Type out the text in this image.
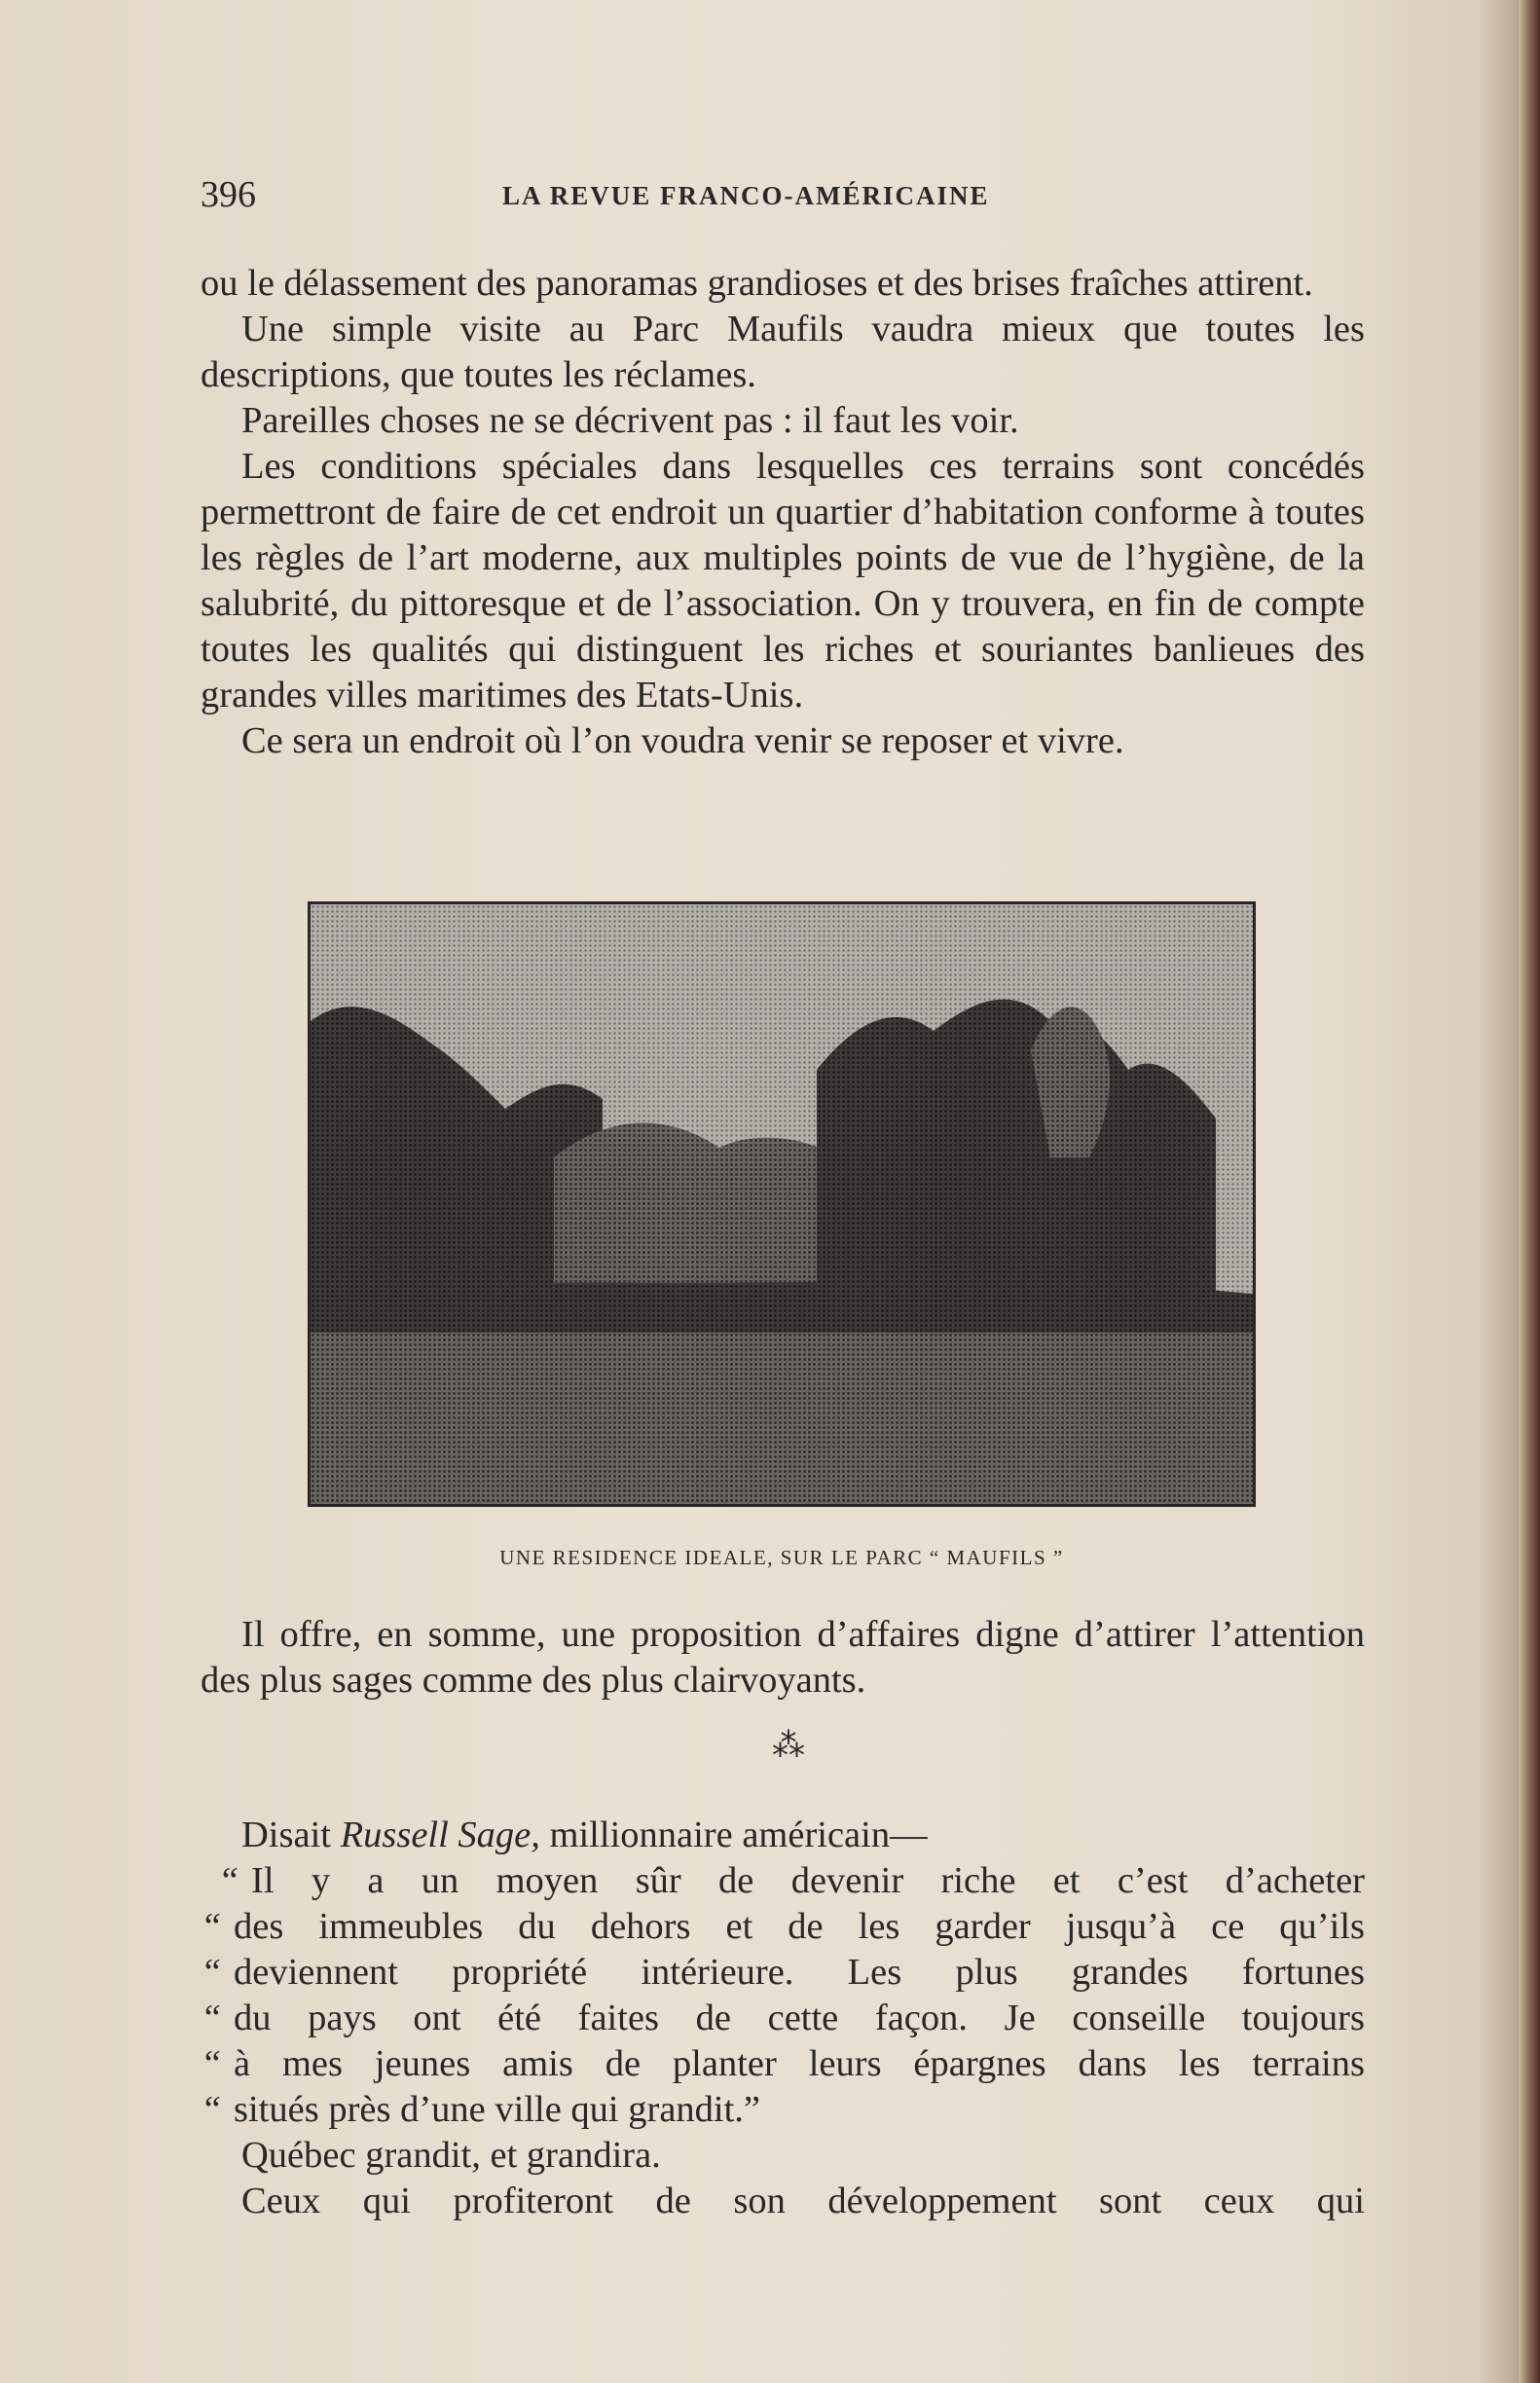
396	LA REVUE FRANCO-AMÉRICAINE

ou le délassement des panoramas grandioses et des brises fraîches attirent.

Une simple visite au Parc Maufils vaudra mieux que toutes les descriptions, que toutes les réclames.

Pareilles choses ne se décrivent pas : il faut les voir.

Les conditions spéciales dans lesquelles ces terrains sont concédés permettront de faire de cet endroit un quartier d’habitation conforme à toutes les règles de l’art moderne, aux multiples points de vue de l’hygiène, de la salubrité, du pittoresque et de l’association. On y trouvera, en fin de compte toutes les qualités qui distinguent les riches et souriantes banlieues des grandes villes maritimes des Etats-Unis.

Ce sera un endroit où l’on voudra venir se reposer et vivre.

UNE RESIDENCE IDEALE, SUR LE PARC “ MAUFILS ”

Il offre, en somme, une proposition d’affaires digne d’attirer l’attention des plus sages comme des plus clairvoyants.

⁂

Disait Russell Sage, millionnaire américain—

“ Il y a un moyen sûr de devenir riche et c’est d’acheter
“ des immeubles du dehors et de les garder jusqu’à ce qu’ils
“ deviennent propriété intérieure. Les plus grandes fortunes
“ du pays ont été faites de cette façon. Je conseille toujours
“ à mes jeunes amis de planter leurs épargnes dans les terrains
“ situés près d’une ville qui grandit.”

Québec grandit, et grandira.

Ceux qui profiteront de son développement sont ceux qui
